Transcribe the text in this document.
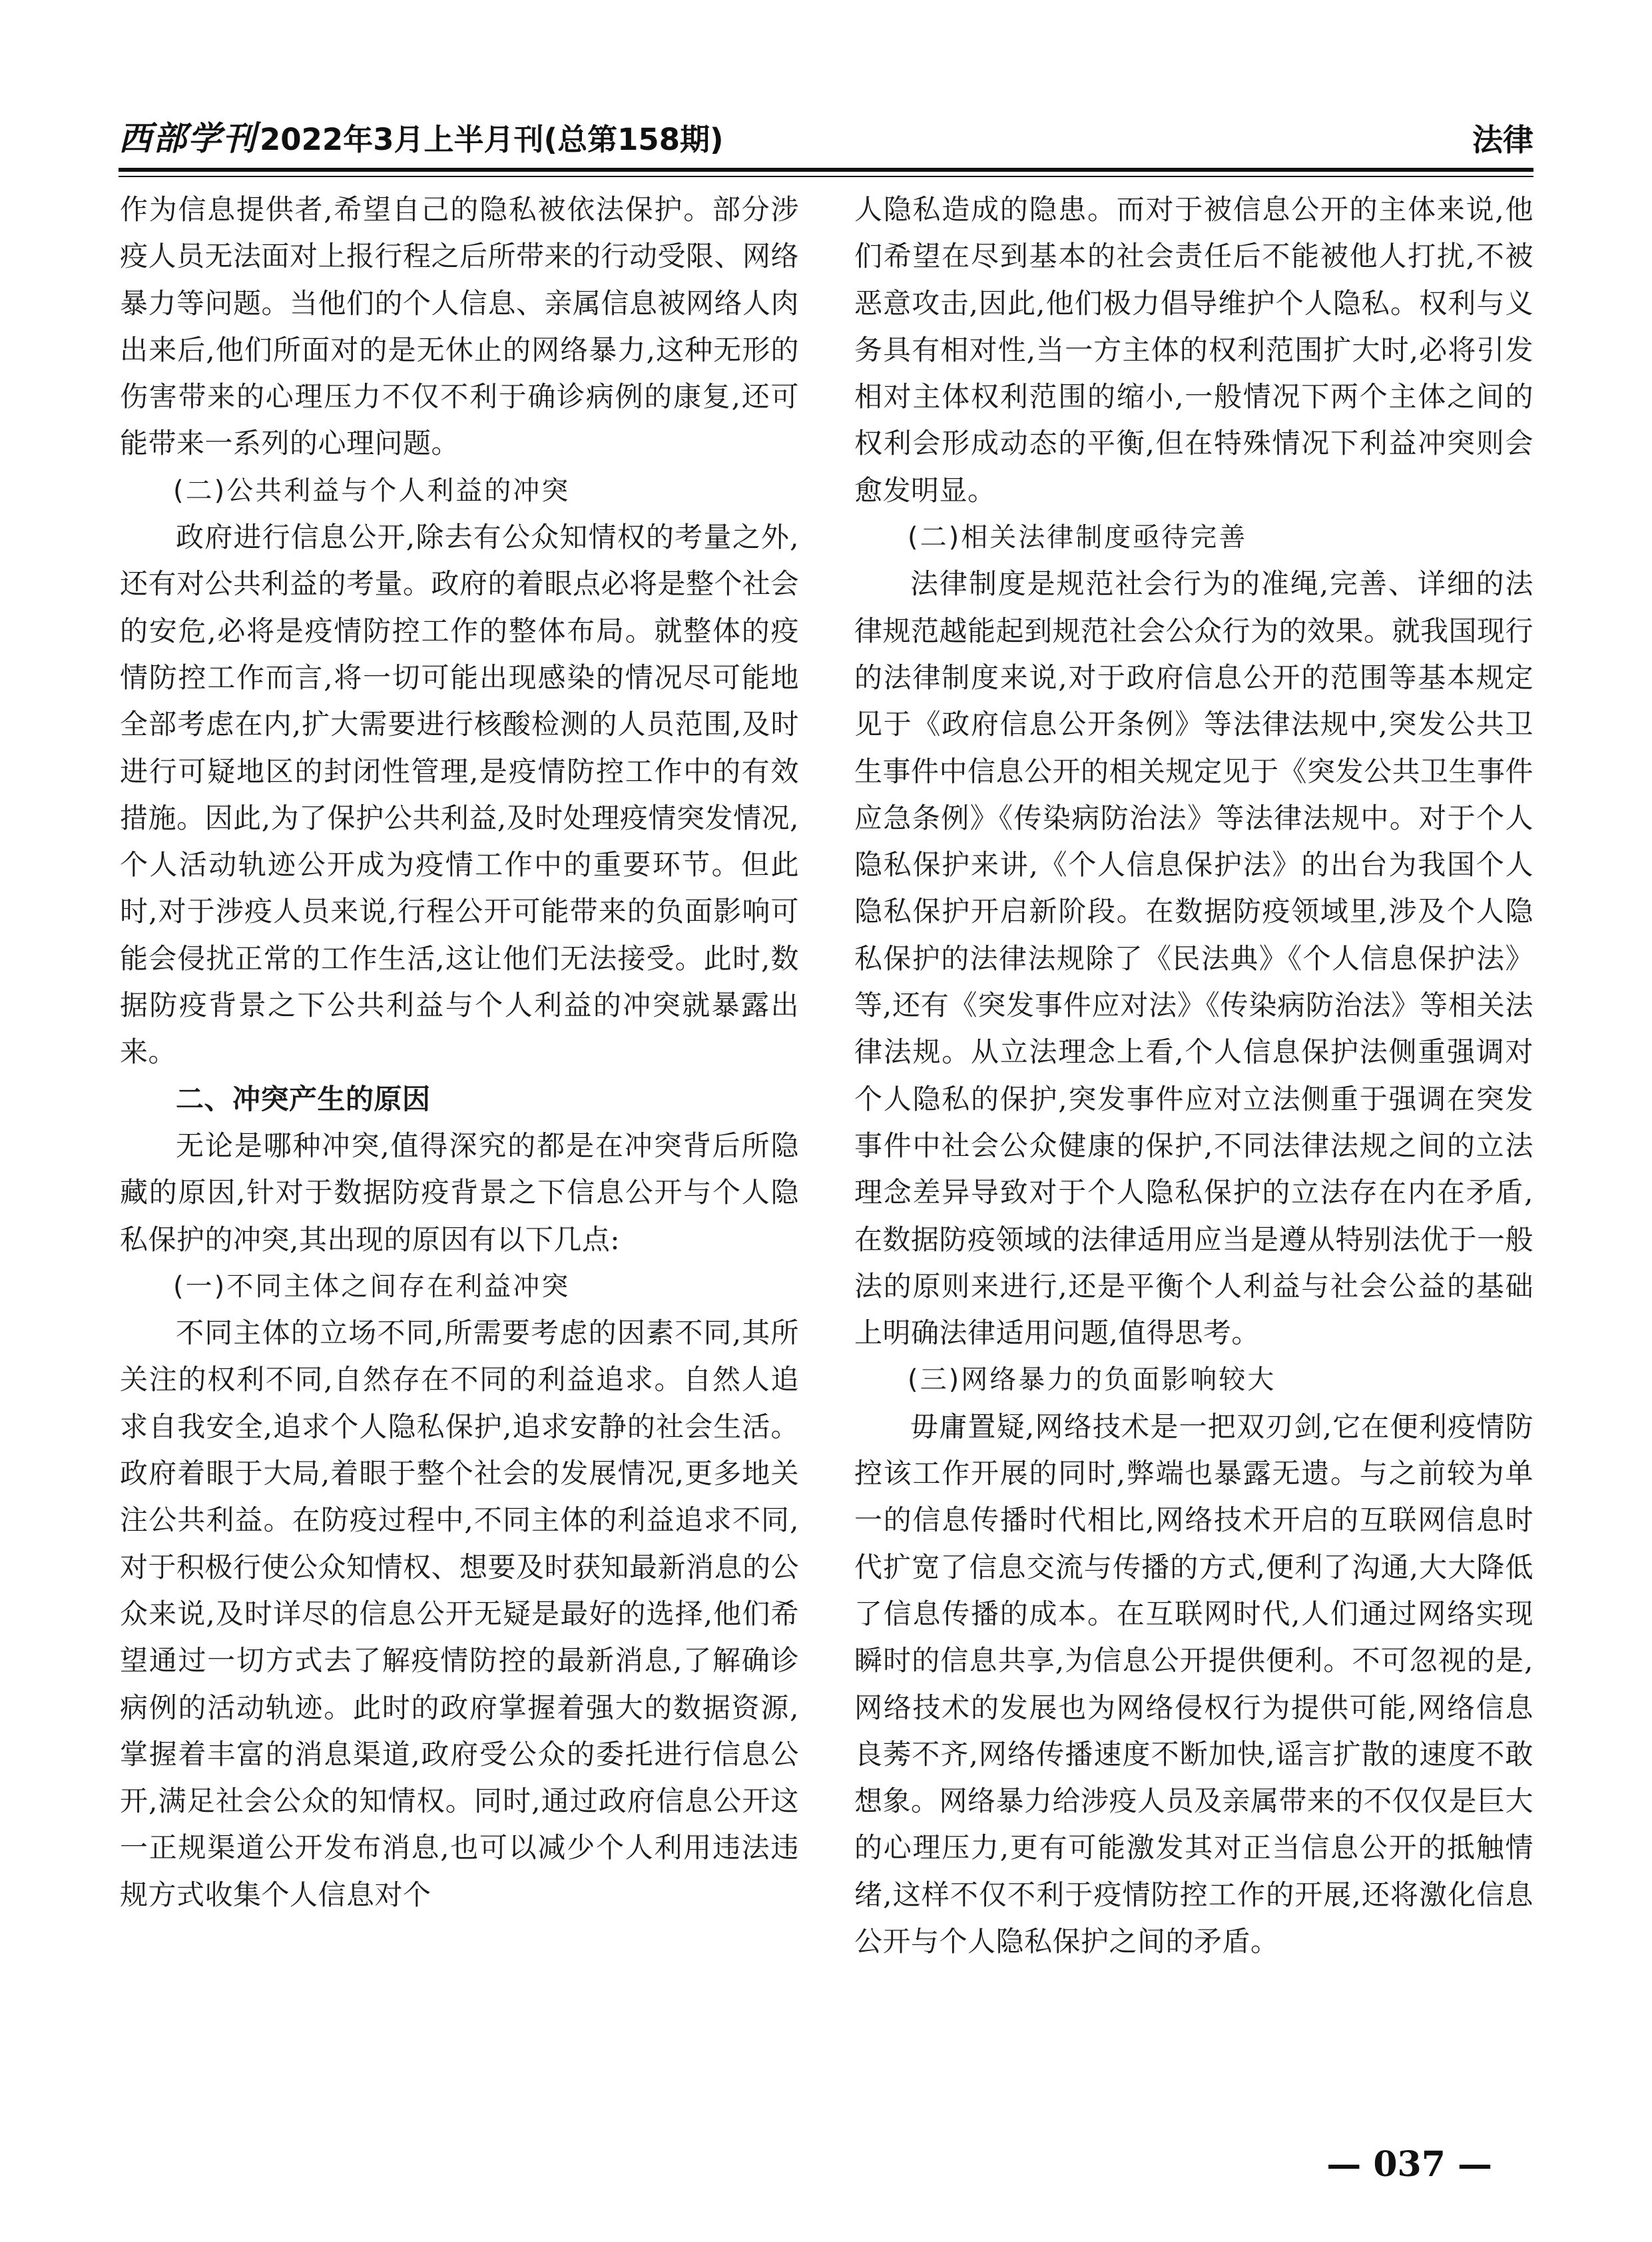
西部学刊 2022年3月上半月刊(总第158期)	法律

作为信息提供者,希望自己的隐私被依法保护。部分涉疫人员无法面对上报行程之后所带来的行动受限、网络暴力等问题。当他们的个人信息、亲属信息被网络人肉出来后,他们所面对的是无休止的网络暴力,这种无形的伤害带来的心理压力不仅不利于确诊病例的康复,还可能带来一系列的心理问题。

(二)公共利益与个人利益的冲突

政府进行信息公开,除去有公众知情权的考量之外,还有对公共利益的考量。政府的着眼点必将是整个社会的安危,必将是疫情防控工作的整体布局。就整体的疫情防控工作而言,将一切可能出现感染的情况尽可能地全部考虑在内,扩大需要进行核酸检测的人员范围,及时进行可疑地区的封闭性管理,是疫情防控工作中的有效措施。因此,为了保护公共利益,及时处理疫情突发情况,个人活动轨迹公开成为疫情工作中的重要环节。但此时,对于涉疫人员来说,行程公开可能带来的负面影响可能会侵扰正常的工作生活,这让他们无法接受。此时,数据防疫背景之下公共利益与个人利益的冲突就暴露出来。

二、冲突产生的原因

无论是哪种冲突,值得深究的都是在冲突背后所隐藏的原因,针对于数据防疫背景之下信息公开与个人隐私保护的冲突,其出现的原因有以下几点:

(一)不同主体之间存在利益冲突

不同主体的立场不同,所需要考虑的因素不同,其所关注的权利不同,自然存在不同的利益追求。自然人追求自我安全,追求个人隐私保护,追求安静的社会生活。政府着眼于大局,着眼于整个社会的发展情况,更多地关注公共利益。在防疫过程中,不同主体的利益追求不同,对于积极行使公众知情权、想要及时获知最新消息的公众来说,及时详尽的信息公开无疑是最好的选择,他们希望通过一切方式去了解疫情防控的最新消息,了解确诊病例的活动轨迹。此时的政府掌握着强大的数据资源,掌握着丰富的消息渠道,政府受公众的委托进行信息公开,满足社会公众的知情权。同时,通过政府信息公开这一正规渠道公开发布消息,也可以减少个人利用违法违规方式收集个人信息对个

人隐私造成的隐患。而对于被信息公开的主体来说,他们希望在尽到基本的社会责任后不能被他人打扰,不被恶意攻击,因此,他们极力倡导维护个人隐私。权利与义务具有相对性,当一方主体的权利范围扩大时,必将引发相对主体权利范围的缩小,一般情况下两个主体之间的权利会形成动态的平衡,但在特殊情况下利益冲突则会愈发明显。

(二)相关法律制度亟待完善

法律制度是规范社会行为的准绳,完善、详细的法律规范越能起到规范社会公众行为的效果。就我国现行的法律制度来说,对于政府信息公开的范围等基本规定见于《政府信息公开条例》等法律法规中,突发公共卫生事件中信息公开的相关规定见于《突发公共卫生事件应急条例》《传染病防治法》等法律法规中。对于个人隐私保护来讲,《个人信息保护法》的出台为我国个人隐私保护开启新阶段。在数据防疫领域里,涉及个人隐私保护的法律法规除了《民法典》《个人信息保护法》等,还有《突发事件应对法》《传染病防治法》等相关法律法规。从立法理念上看,个人信息保护法侧重强调对个人隐私的保护,突发事件应对立法侧重于强调在突发事件中社会公众健康的保护,不同法律法规之间的立法理念差异导致对于个人隐私保护的立法存在内在矛盾,在数据防疫领域的法律适用应当是遵从特别法优于一般法的原则来进行,还是平衡个人利益与社会公益的基础上明确法律适用问题,值得思考。

(三)网络暴力的负面影响较大

毋庸置疑,网络技术是一把双刃剑,它在便利疫情防控该工作开展的同时,弊端也暴露无遗。与之前较为单一的信息传播时代相比,网络技术开启的互联网信息时代扩宽了信息交流与传播的方式,便利了沟通,大大降低了信息传播的成本。在互联网时代,人们通过网络实现瞬时的信息共享,为信息公开提供便利。不可忽视的是,网络技术的发展也为网络侵权行为提供可能,网络信息良莠不齐,网络传播速度不断加快,谣言扩散的速度不敢想象。网络暴力给涉疫人员及亲属带来的不仅仅是巨大的心理压力,更有可能激发其对正当信息公开的抵触情绪,这样不仅不利于疫情防控工作的开展,还将激化信息公开与个人隐私保护之间的矛盾。

— 037 —
